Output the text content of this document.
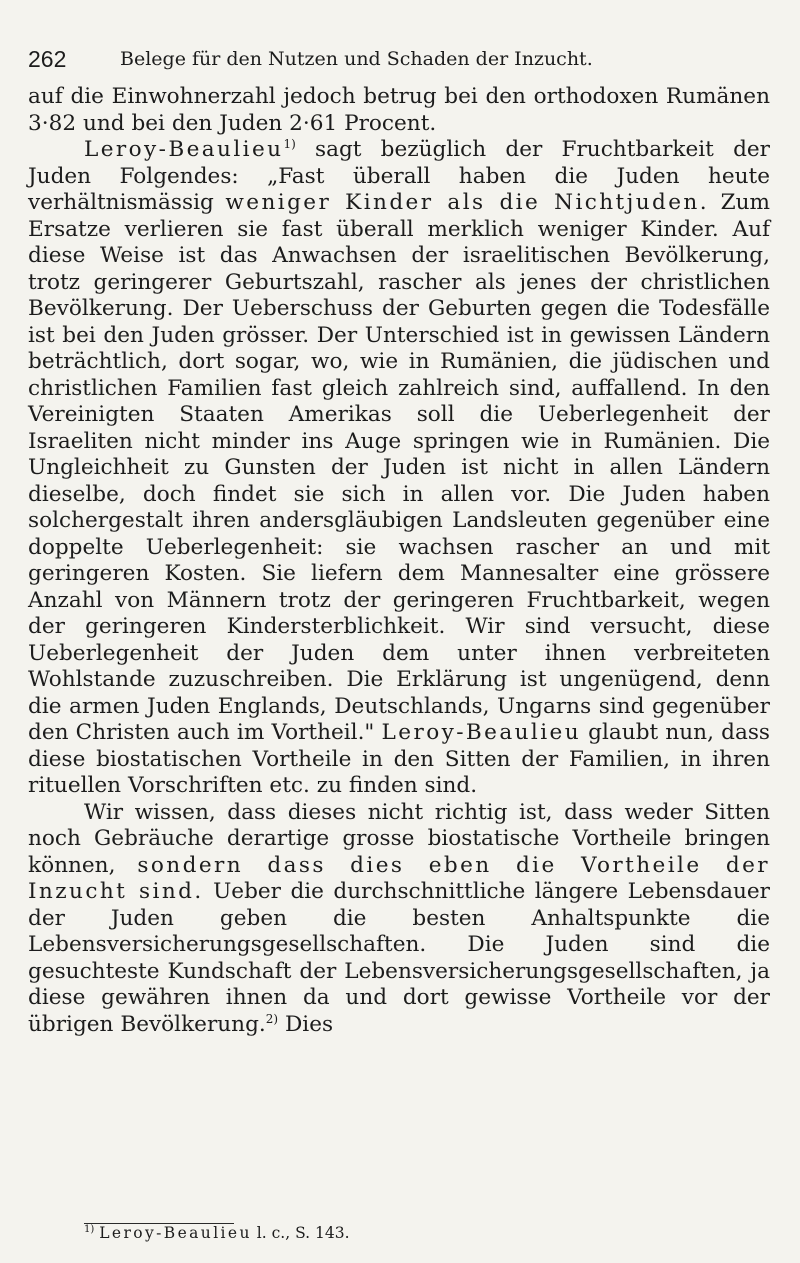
262	Belege für den Nutzen und Schaden der Inzucht.

auf die Einwohnerzahl jedoch betrug bei den orthodoxen Rumänen 3·82 und bei den Juden 2·61 Procent.

Leroy-Beaulieu$^{1)}$ sagt bezüglich der Fruchtbarkeit der Juden Folgendes: „Fast überall haben die Juden heute verhältnismässig weniger Kinder als die Nichtjuden. Zum Ersatze verlieren sie fast überall merklich weniger Kinder. Auf diese Weise ist das Anwachsen der israelitischen Bevölkerung, trotz geringerer Geburtszahl, rascher als jenes der christlichen Bevölkerung. Der Ueberschuss der Geburten gegen die Todesfälle ist bei den Juden grösser. Der Unterschied ist in gewissen Ländern beträchtlich, dort sogar, wo, wie in Rumänien, die jüdischen und christlichen Familien fast gleich zahlreich sind, auffallend. In den Vereinigten Staaten Amerikas soll die Ueberlegenheit der Israeliten nicht minder ins Auge springen wie in Rumänien. Die Ungleichheit zu Gunsten der Juden ist nicht in allen Ländern dieselbe, doch findet sie sich in allen vor. Die Juden haben solchergestalt ihren andersgläubigen Landsleuten gegenüber eine doppelte Ueberlegenheit: sie wachsen rascher an und mit geringeren Kosten. Sie liefern dem Mannesalter eine grössere Anzahl von Männern trotz der geringeren Fruchtbarkeit, wegen der geringeren Kindersterblichkeit. Wir sind versucht, diese Ueberlegenheit der Juden dem unter ihnen verbreiteten Wohlstande zuzuschreiben. Die Erklärung ist ungenügend, denn die armen Juden Englands, Deutschlands, Ungarns sind gegenüber den Christen auch im Vortheil." Leroy-Beaulieu glaubt nun, dass diese biostatischen Vortheile in den Sitten der Familien, in ihren rituellen Vorschriften etc. zu finden sind.

Wir wissen, dass dieses nicht richtig ist, dass weder Sitten noch Gebräuche derartige grosse biostatische Vortheile bringen können, sondern dass dies eben die Vortheile der Inzucht sind. Ueber die durchschnittliche längere Lebensdauer der Juden geben die besten Anhaltspunkte die Lebensversicherungsgesellschaften. Die Juden sind die gesuchteste Kundschaft der Lebensversicherungsgesellschaften, ja diese gewähren ihnen da und dort gewisse Vortheile vor der übrigen Bevölkerung.$^{2)}$ Dies

$^{1)}$ Leroy-Beaulieu l. c., S. 143.
